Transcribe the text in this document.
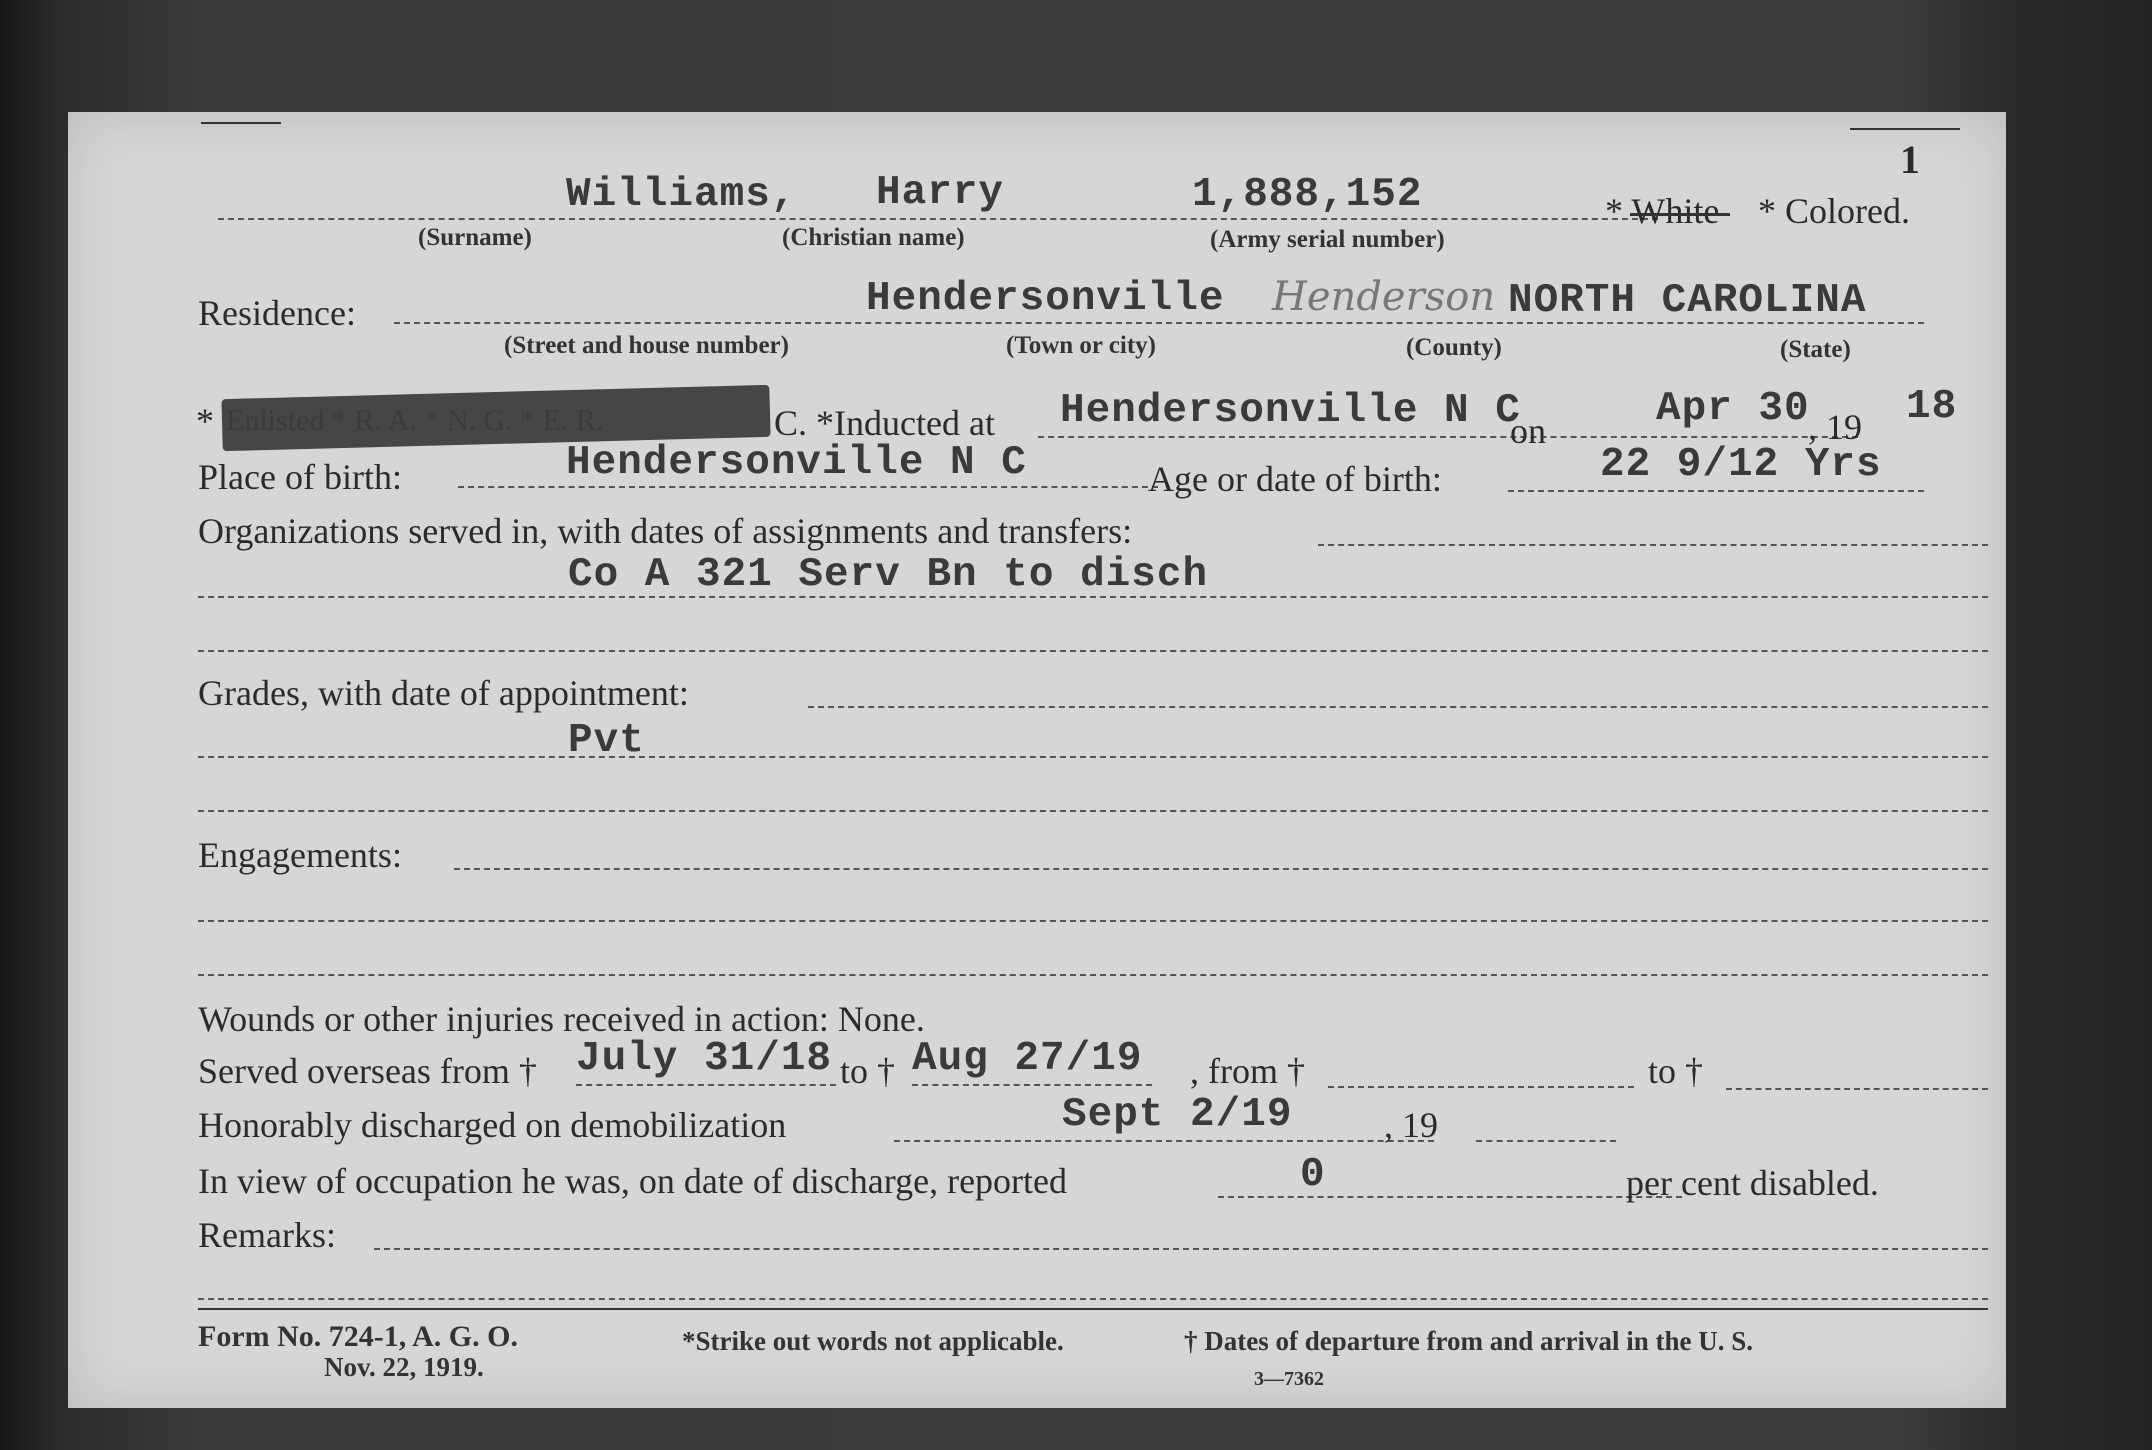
1
Williams, Harry	1,888,152	* White * Colored.
(Surname)	(Christian name)	(Army serial number)
Residence:	Hendersonville Henderson NORTH CAROLINA
(Street and house number)	(Town or city)	(County)	(State)
*	C. *Inducted at Hendersonville N C
on	Apr 30
, 19 18
Place of birth:	Hendersonville N C	Age or date of birth:	22 9/12 Yrs
Organizations served in, with dates of assignments and transfers:
Co A 321 Serv Bn to disch
Grades, with date of appointment:
Pvt
Engagements:
Wounds or other injuries received in action: None.
Served overseas from † July 31/18 to † Aug 27/19 , from †	to †
Honorably discharged on demobilization	Sept 2/19	, 19
In view of occupation he was, on date of discharge, reported	0	per cent disabled.
Remarks:
Form No. 724-1, A. G. O.
Nov. 22, 1919.
*Strike out words not applicable.	† Dates of departure from and arrival in the U. S.
3—7362
